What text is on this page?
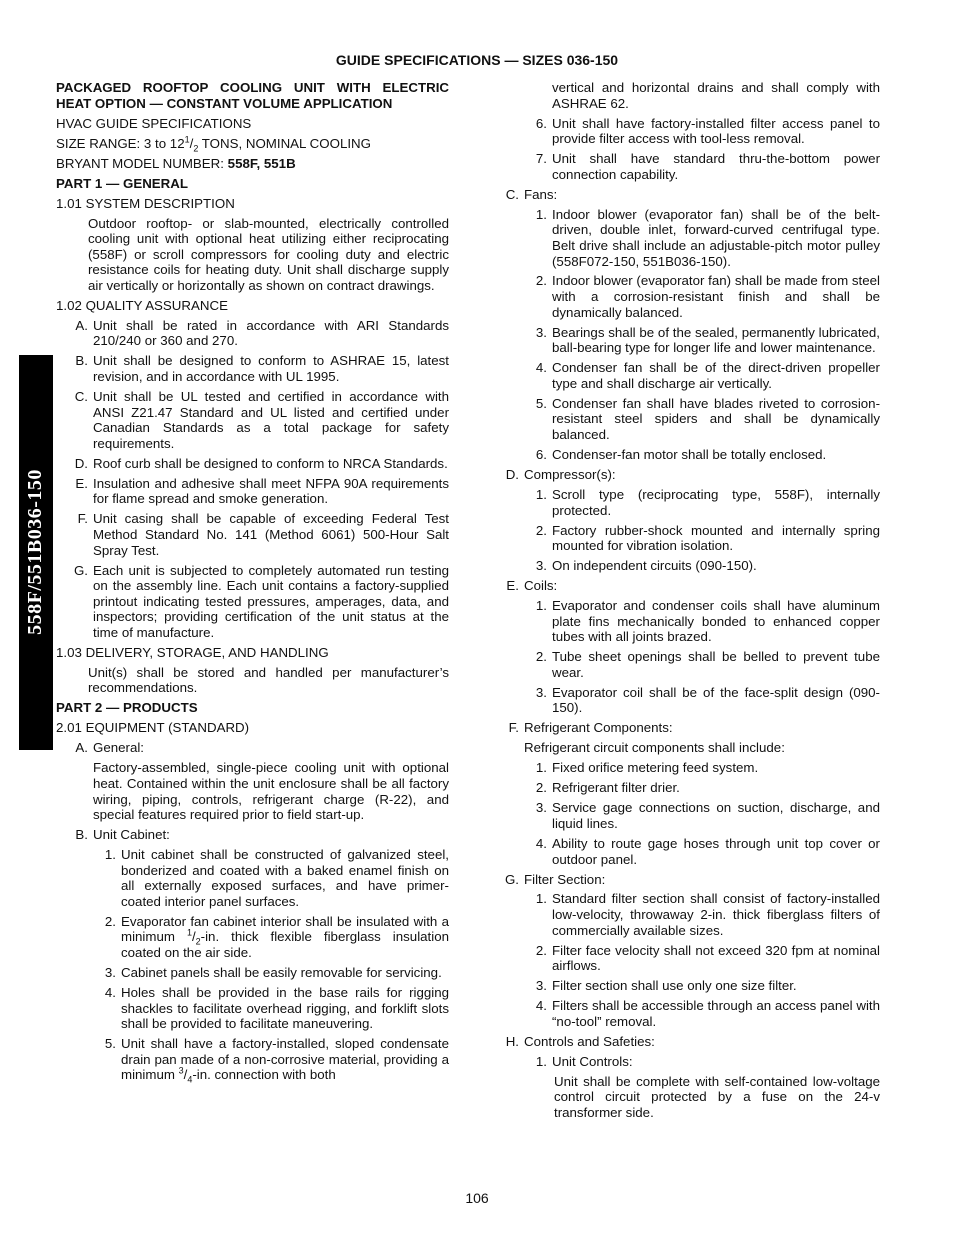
558F/551B036-150
GUIDE SPECIFICATIONS — SIZES 036-150
PACKAGED ROOFTOP COOLING UNIT WITH ELECTRIC
HEAT OPTION — CONSTANT VOLUME APPLICATION
HVAC GUIDE SPECIFICATIONS
SIZE RANGE: 3 to $12^1/_2$ TONS, NOMINAL COOLING
BRYANT MODEL NUMBER: 558F, 551B
PART 1 — GENERAL
1.01 SYSTEM DESCRIPTION
Outdoor rooftop- or slab-mounted, electrically controlled cooling unit with optional heat utilizing either reciprocating (558F) or scroll compressors for cooling duty and electric resistance coils for heating duty. Unit shall discharge supply air vertically or horizontally as shown on contract drawings.
1.02 QUALITY ASSURANCE
A. Unit shall be rated in accordance with ARI Standards 210/240 or 360 and 270.
B. Unit shall be designed to conform to ASHRAE 15, latest revision, and in accordance with UL 1995.
C. Unit shall be UL tested and certified in accordance with ANSI Z21.47 Standard and UL listed and certified under Canadian Standards as a total package for safety requirements.
D. Roof curb shall be designed to conform to NRCA Standards.
E. Insulation and adhesive shall meet NFPA 90A requirements for flame spread and smoke generation.
F. Unit casing shall be capable of exceeding Federal Test Method Standard No. 141 (Method 6061) 500-Hour Salt Spray Test.
G. Each unit is subjected to completely automated run testing on the assembly line. Each unit contains a factory-supplied printout indicating tested pressures, amperages, data, and inspectors; providing certification of the unit status at the time of manufacture.
1.03 DELIVERY, STORAGE, AND HANDLING
Unit(s) shall be stored and handled per manufacturer’s recommendations.
PART 2 — PRODUCTS
2.01 EQUIPMENT (STANDARD)
A. General:
Factory-assembled, single-piece cooling unit with optional heat. Contained within the unit enclosure shall be all factory wiring, piping, controls, refrigerant charge (R-22), and special features required prior to field start-up.
B. Unit Cabinet:
1. Unit cabinet shall be constructed of galvanized steel, bonderized and coated with a baked enamel finish on all externally exposed surfaces, and have primer-coated interior panel surfaces.
2. Evaporator fan cabinet interior shall be insulated with a minimum $^1/_2-in$. thick flexible fiberglass insulation coated on the air side.
3. Cabinet panels shall be easily removable for servicing.
4. Holes shall be provided in the base rails for rigging shackles to facilitate overhead rigging, and forklift slots shall be provided to facilitate maneuvering.
5. Unit shall have a factory-installed, sloped condensate drain pan made of a non-corrosive material, providing a minimum $^3/_4-in$. connection with both
vertical and horizontal drains and shall comply with ASHRAE 62.
6. Unit shall have factory-installed filter access panel to provide filter access with tool-less removal.
7. Unit shall have standard thru-the-bottom power connection capability.
C. Fans:
1. Indoor blower (evaporator fan) shall be of the belt-driven, double inlet, forward-curved centrifugal type. Belt drive shall include an adjustable-pitch motor pulley (558F072-150, 551B036-150).
2. Indoor blower (evaporator fan) shall be made from steel with a corrosion-resistant finish and shall be dynamically balanced.
3. Bearings shall be of the sealed, permanently lubricated, ball-bearing type for longer life and lower maintenance.
4. Condenser fan shall be of the direct-driven propeller type and shall discharge air vertically.
5. Condenser fan shall have blades riveted to corrosion-resistant steel spiders and shall be dynamically balanced.
6. Condenser-fan motor shall be totally enclosed.
D. Compressor(s):
1. Scroll type (reciprocating type, 558F), internally protected.
2. Factory rubber-shock mounted and internally spring mounted for vibration isolation.
3. On independent circuits (090-150).
E. Coils:
1. Evaporator and condenser coils shall have aluminum plate fins mechanically bonded to enhanced copper tubes with all joints brazed.
2. Tube sheet openings shall be belled to prevent tube wear.
3. Evaporator coil shall be of the face-split design (090-150).
F. Refrigerant Components:
Refrigerant circuit components shall include:
1. Fixed orifice metering feed system.
2. Refrigerant filter drier.
3. Service gage connections on suction, discharge, and liquid lines.
4. Ability to route gage hoses through unit top cover or outdoor panel.
G. Filter Section:
1. Standard filter section shall consist of factory-installed low-velocity, throwaway 2-in. thick fiberglass filters of commercially available sizes.
2. Filter face velocity shall not exceed 320 fpm at nominal airflows.
3. Filter section shall use only one size filter.
4. Filters shall be accessible through an access panel with “no-tool” removal.
H. Controls and Safeties:
1. Unit Controls:
Unit shall be complete with self-contained low-voltage control circuit protected by a fuse on the 24-v transformer side.
106
